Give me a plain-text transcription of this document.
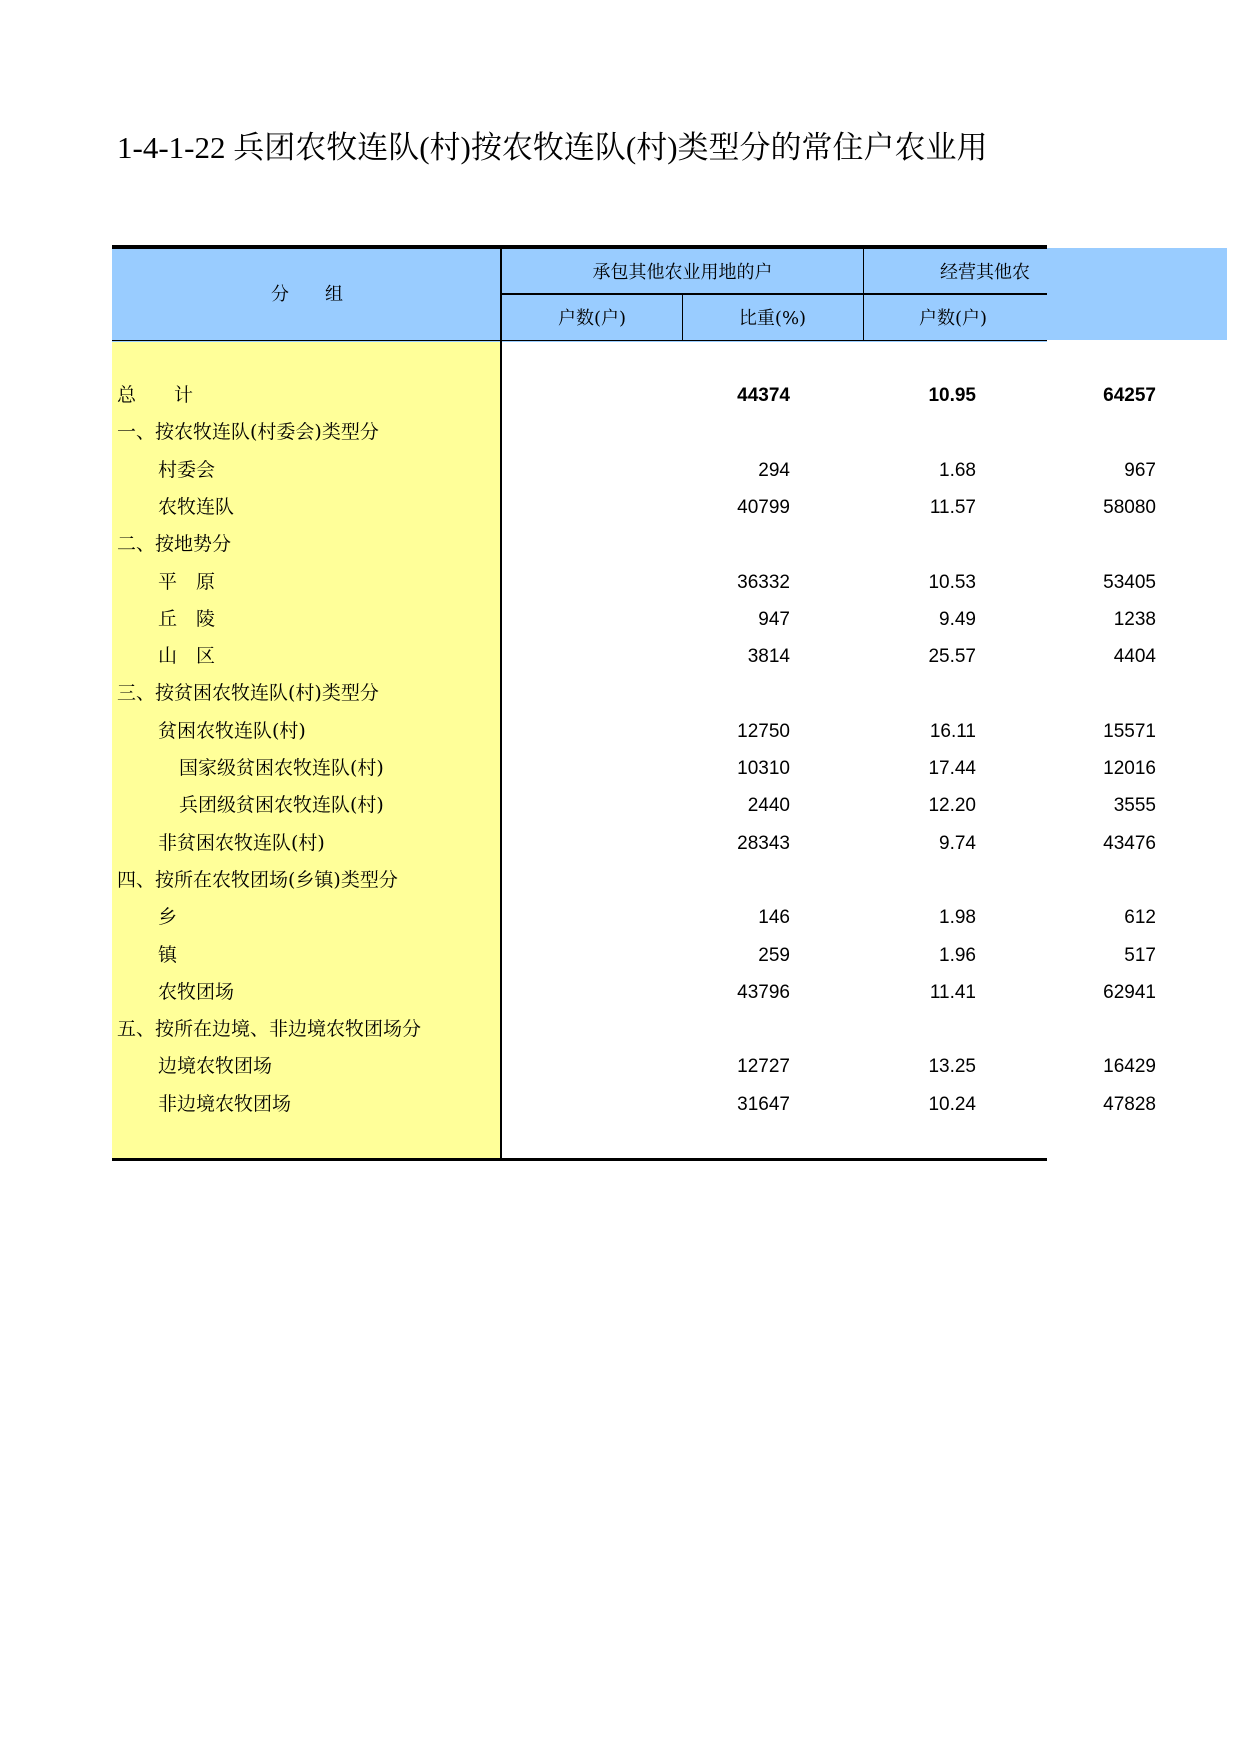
1-4-1-22 兵团农牧连队(村)按农牧连队(村)类型分的常住户农业用
分　　组
承包其他农业用地的户	经营其他农
户数(户)	比重(%)	户数(户)
总　　计	44374	10.95	64257
一、按农牧连队(村委会)类型分
村委会	294	1.68	967
农牧连队	40799	11.57	58080
二、按地势分
平　原	36332	10.53	53405
丘　陵	947	9.49	1238
山　区	3814	25.57	4404
三、按贫困农牧连队(村)类型分
贫困农牧连队(村)	12750	16.11	15571
国家级贫困农牧连队(村)	10310	17.44	12016
兵团级贫困农牧连队(村)	2440	12.20	3555
非贫困农牧连队(村)	28343	9.74	43476
四、按所在农牧团场(乡镇)类型分
乡	146	1.98	612
镇	259	1.96	517
农牧团场	43796	11.41	62941
五、按所在边境、非边境农牧团场分
边境农牧团场	12727	13.25	16429
非边境农牧团场	31647	10.24	47828
